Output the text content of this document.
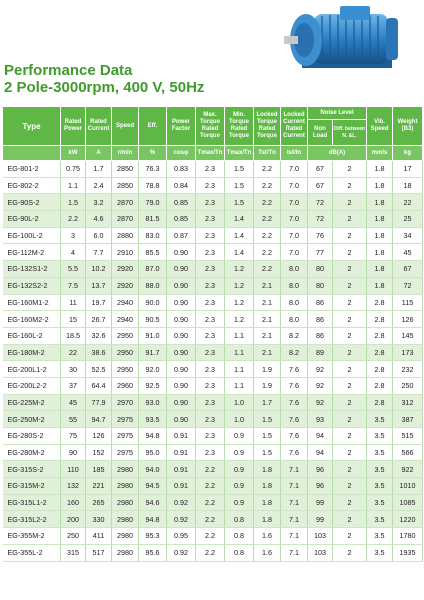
Performance Data
2 Pole-3000rpm, 400 V, 50Hz
Type	Rated Power	Rated Current	Speed	Eff.	Power Factor	Max. Torque Rated Torque	Min. Torque Rated Torque	Locked Torque Rated Torque	Locked Current Rated Current	Noise Level		Vib. Speed	Weight (B3)
										Non Load	Diff. between N. &L.		
	kW	A	r/min	%	cosφ	Tmax/Tn	Tmax/Tn	Tst/Tn	Ist/In	dB(A)		mm/s	kg
EG-801-2	0.75	1.7	2850	76.3	0.83	2.3	1.5	2.2	7.0	67	2	1.8	17
EG-802-2	1.1	2.4	2850	78.8	0.84	2.3	1.5	2.2	7.0	67	2	1.8	18
EG-90S-2	1.5	3.2	2870	79.0	0.85	2.3	1.5	2.2	7.0	72	2	1.8	22
EG-90L-2	2.2	4.6	2870	81.5	0.85	2.3	1.4	2.2	7.0	72	2	1.8	25
EG-100L-2	3	6.0	2880	83.0	0.87	2.3	1.4	2.2	7.0	76	2	1.8	34
EG-112M-2	4	7.7	2910	85.5	0.90	2.3	1.4	2.2	7.0	77	2	1.8	45
EG-132S1-2	5.5	10.2	2920	87.0	0.90	2.3	1.2	2.2	8.0	80	2	1.8	67
EG-132S2-2	7.5	13.7	2920	88.0	0.90	2.3	1.2	2.1	8.0	80	2	1.8	72
EG-160M1-2	11	19.7	2940	90.0	0.90	2.3	1.2	2.1	8.0	86	2	2.8	115
EG-160M2-2	15	26.7	2940	90.5	0.90	2.3	1.2	2.1	8.0	86	2	2.8	126
EG-160L-2	18.5	32.6	2950	91.0	0.90	2.3	1.1	2.1	8.2	86	2	2.8	145
EG-180M-2	22	38.6	2950	91.7	0.90	2.3	1.1	2.1	8.2	89	2	2.8	173
EG-200L1-2	30	52.5	2950	92.0	0.90	2.3	1.1	1.9	7.6	92	2	2.8	232
EG-200L2-2	37	64.4	2960	92.5	0.90	2.3	1.1	1.9	7.6	92	2	2.8	250
EG-225M-2	45	77.9	2970	93.0	0.90	2.3	1.0	1.7	7.6	92	2	2.8	312
EG-250M-2	55	94.7	2975	93.5	0.90	2.3	1.0	1.5	7.6	93	2	3.5	387
EG-280S-2	75	126	2975	94.8	0.91	2.3	0.9	1.5	7.6	94	2	3.5	515
EG-280M-2	90	152	2975	95.0	0.91	2.3	0.9	1.5	7.6	94	2	3.5	566
EG-315S-2	110	185	2980	94.0	0.91	2.2	0.9	1.8	7.1	96	2	3.5	922
EG-315M-2	132	221	2980	94.5	0.91	2.2	0.9	1.8	7.1	96	2	3.5	1010
EG-315L1-2	160	265	2980	94.6	0.92	2.2	0.9	1.8	7.1	99	2	3.5	1085
EG-315L2-2	200	330	2980	94.8	0.92	2.2	0.8	1.8	7.1	99	2	3.5	1220
EG-355M-2	250	411	2980	95.3	0.95	2.2	0.8	1.6	7.1	103	2	3.5	1780
EG-355L-2	315	517	2980	95.6	0.92	2.2	0.8	1.6	7.1	103	2	3.5	1935
